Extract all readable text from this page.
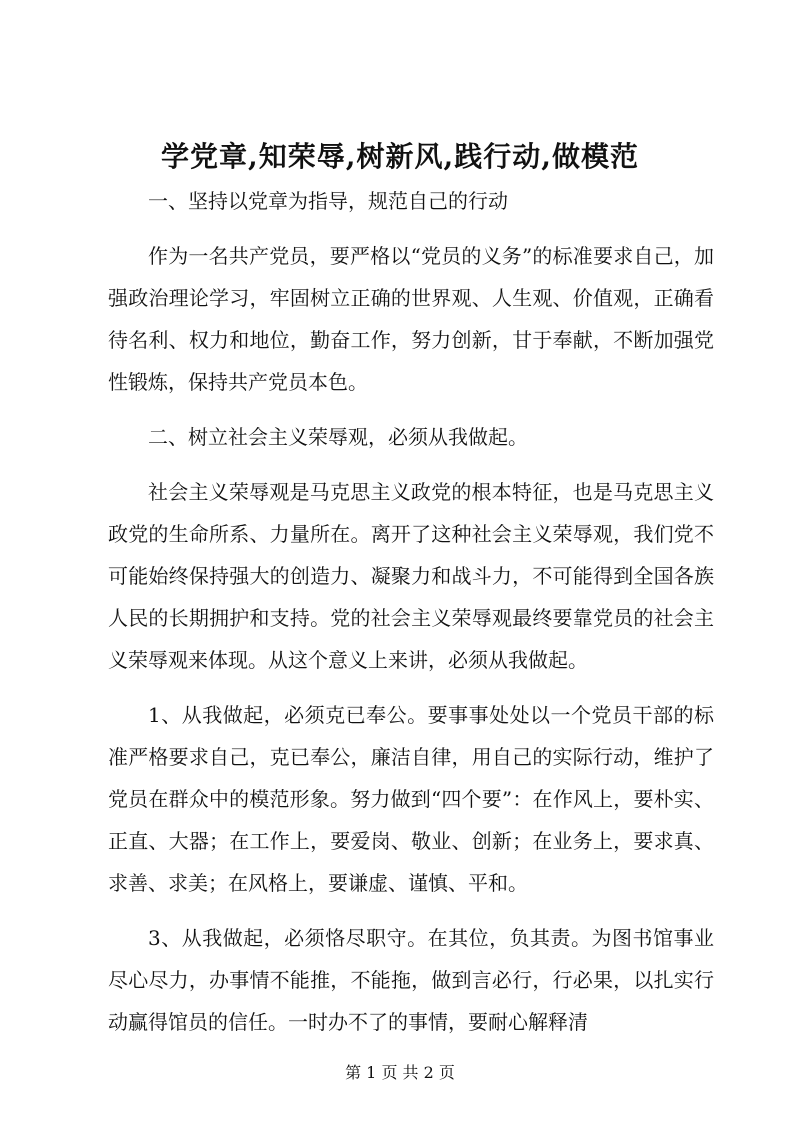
学党章,知荣辱,树新风,践行动,做模范

一、坚持以党章为指导，规范自己的行动

作为一名共产党员，要严格以“党员的义务”的标准要求自己，加强政治理论学习，牢固树立正确的世界观、人生观、价值观，正确看待名利、权力和地位，勤奋工作，努力创新，甘于奉献，不断加强党性锻炼，保持共产党员本色。

二、树立社会主义荣辱观，必须从我做起。

社会主义荣辱观是马克思主义政党的根本特征，也是马克思主义政党的生命所系、力量所在。离开了这种社会主义荣辱观，我们党不可能始终保持强大的创造力、凝聚力和战斗力，不可能得到全国各族人民的长期拥护和支持。党的社会主义荣辱观最终要靠党员的社会主义荣辱观来体现。从这个意义上来讲，必须从我做起。

1、从我做起，必须克已奉公。要事事处处以一个党员干部的标准严格要求自己，克已奉公，廉洁自律，用自己的实际行动，维护了党员在群众中的模范形象。努力做到“四个要”：在作风上，要朴实、正直、大器；在工作上，要爱岗、敬业、创新；在业务上，要求真、求善、求美；在风格上，要谦虚、谨慎、平和。

3、从我做起，必须恪尽职守。在其位，负其责。为图书馆事业尽心尽力，办事情不能推，不能拖，做到言必行，行必果，以扎实行动赢得馆员的信任。一时办不了的事情，要耐心解释清

第 1 页 共 2 页
